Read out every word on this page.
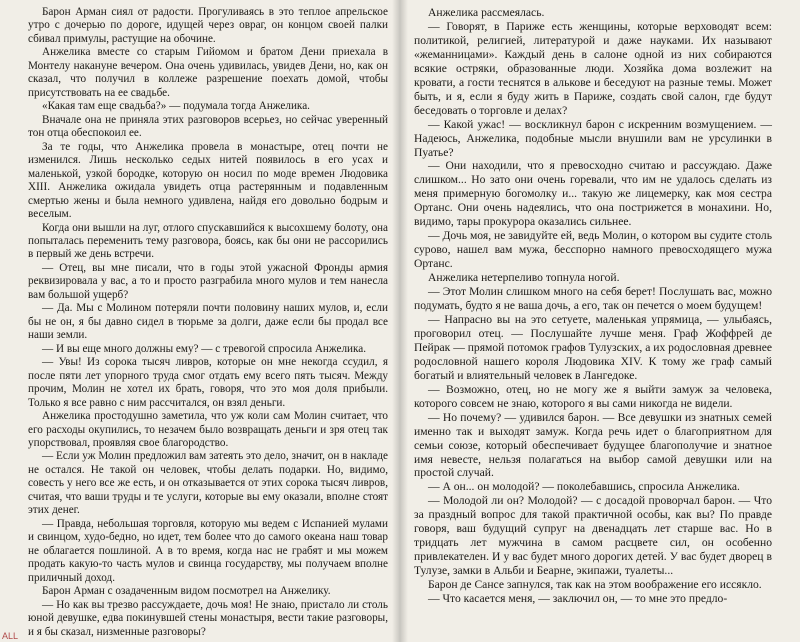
Барон Арман сиял от радости. Прогуливаясь в это теплое апрельское утро с дочерью по дороге, идущей через овраг, он концом своей палки сбивал примулы, растущие на обочине.

Анжелика вместе со старым Гийомом и братом Дени приехала в Монтелу накануне вечером. Она очень удивилась, увидев Дени, но, как он сказал, что получил в коллеже разрешение поехать домой, чтобы присутствовать на ее свадьбе.

«Какая там еще свадьба?» — подумала тогда Анжелика.

Вначале она не приняла этих разговоров всерьез, но сейчас уверенный тон отца обеспокоил ее.

За те годы, что Анжелика провела в монастыре, отец почти не изменился. Лишь несколько седых нитей появилось в его усах и маленькой, узкой бородке, которую он носил по моде времен Людовика XIII. Анжелика ожидала увидеть отца растерянным и подавленным смертью жены и была немного удивлена, найдя его довольно бодрым и веселым.

Когда они вышли на луг, отлого спускавшийся к высохшему болоту, она попыталась переменить тему разговора, боясь, как бы они не рассорились в первый же день встречи.

— Отец, вы мне писали, что в годы этой ужасной Фронды армия реквизировала у вас, а то и просто разграбила много мулов и тем нанесла вам большой ущерб?

— Да. Мы с Молином потеряли почти половину наших мулов, и, если бы не он, я бы давно сидел в тюрьме за долги, даже если бы продал все наши земли.

— И вы еще много должны ему? — с тревогой спросила Анжелика.

— Увы! Из сорока тысяч ливров, которые он мне некогда ссудил, я после пяти лет упорного труда смог отдать ему всего пять тысяч. Между прочим, Молин не хотел их брать, говоря, что это моя доля прибыли. Только я все равно с ним рассчитался, он взял деньги.

Анжелика простодушно заметила, что уж коли сам Молин считает, что его расходы окупились, то незачем было возвращать деньги и зря отец так упорствовал, проявляя свое благородство.

— Если уж Молин предложил вам затеять это дело, значит, он в накладе не остался. Не такой он человек, чтобы делать подарки. Но, видимо, совесть у него все же есть, и он отказывается от этих сорока тысяч ливров, считая, что ваши труды и те услуги, которые вы ему оказали, вполне стоят этих денег.

— Правда, небольшая торговля, которую мы ведем с Испанией мулами и свинцом, худо-бедно, но идет, тем более что до самого океана наш товар не облагается пошлиной. А в то время, когда нас не грабят и мы можем продать какую-то часть мулов и свинца государству, мы получаем вполне приличный доход.

Барон Арман с озадаченным видом посмотрел на Анжелику.

— Но как вы трезво рассуждаете, дочь моя! Не знаю, пристало ли столь юной девушке, едва покинувшей стены монастыря, вести такие разговоры, и я бы сказал, низменные разговоры?

Анжелика рассмеялась.

— Говорят, в Париже есть женщины, которые верховодят всем: политикой, религией, литературой и даже науками. Их называют «жеманницами». Каждый день в салоне одной из них собираются всякие остряки, образованные люди. Хозяйка дома возлежит на кровати, а гости теснятся в алькове и беседуют на разные темы. Может быть, и я, если я буду жить в Париже, создать свой салон, где будут беседовать о торговле и делах?

— Какой ужас! — воскликнул барон с искренним возмущением. — Надеюсь, Анжелика, подобные мысли внушили вам не урсулинки в Пуатье?

— Они находили, что я превосходно считаю и рассуждаю. Даже слишком... Но зато они очень горевали, что им не удалось сделать из меня примерную богомолку и... такую же лицемерку, как моя сестра Ортанс. Они очень надеялись, что она пострижется в монахини. Но, видимо, тары прокурора оказались сильнее.

— Дочь моя, не завидуйте ей, ведь Молин, о котором вы судите столь сурово, нашел вам мужа, бесспорно намного превосходящего мужа Ортанс.

Анжелика нетерпеливо топнула ногой.

— Этот Молин слишком много на себя берет! Послушать вас, можно подумать, будто я не ваша дочь, а его, так он печется о моем будущем!

— Напрасно вы на это сетуете, маленькая упрямица, — улыбаясь, проговорил отец. — Послушайте лучше меня. Граф Жоффрей де Пейрак — прямой потомок графов Тулузских, а их родословная древнее родословной нашего короля Людовика XIV. К тому же граф самый богатый и влиятельный человек в Лангедоке.

— Возможно, отец, но не могу же я выйти замуж за человека, которого совсем не знаю, которого я вы сами никогда не видели.

— Но почему? — удивился барон. — Все девушки из знатных семей именно так и выходят замуж. Когда речь идет о благоприятном для семьи союзе, который обеспечивает будущее благополучие и знатное имя невесте, нельзя полагаться на выбор самой девушки или на простой случай.

— А он... он молодой? — поколебавшись, спросила Анжелика.

— Молодой ли он? Молодой? — с досадой проворчал барон. — Что за праздный вопрос для такой практичной особы, как вы? По правде говоря, ваш будущий супруг на двенадцать лет старше вас. Но в тридцать лет мужчина в самом расцвете сил, он особенно привлекателен. И у вас будет много дорогих детей. У вас будет дворец в Тулузе, замки в Альби и Беарне, экипажи, туалеты...

Барон де Сансе запнулся, так как на этом воображение его иссякло.

— Что касается меня, — заключил он, — то мне это предло-

ALL
